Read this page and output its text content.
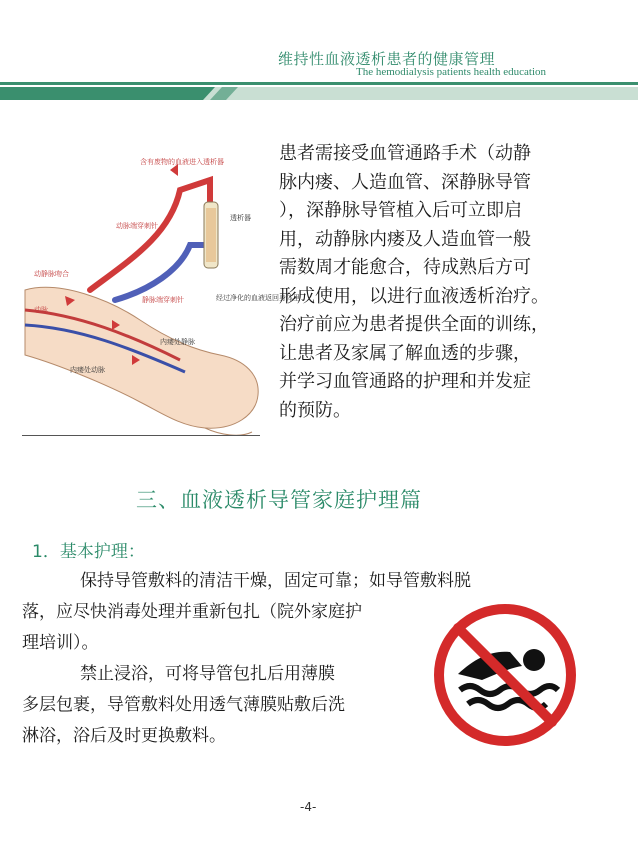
维持性血液透析患者的健康管理
The hemodialysis patients health education
含有废物的血液进入透析器
动脉端穿刺针
透析器
动静脉吻合
动脉
静脉端穿刺针	经过净化的血液返回身体里
内瘘处静脉
内瘘处动脉

患者需接受血管通路手术（动静

脉内瘘、人造血管、深静脉导管

），深静脉导管植入后可立即启

用，动静脉内瘘及人造血管一般

需数周才能愈合，待成熟后方可

形成使用，以进行血液透析治疗。

治疗前应为患者提供全面的训练，

让患者及家属了解血透的步骤，

并学习血管通路的护理和并发症

的预防。

三、血液透析导管家庭护理篇
1．基本护理：

保持导管敷料的清洁干燥，固定可靠；如导管敷料脱

落，应尽快消毒处理并重新包扎（院外家庭护

理培训）。

禁止浸浴，可将导管包扎后用薄膜

多层包裹，导管敷料处用透气薄膜贴敷后洗

淋浴，浴后及时更换敷料。

-4-
